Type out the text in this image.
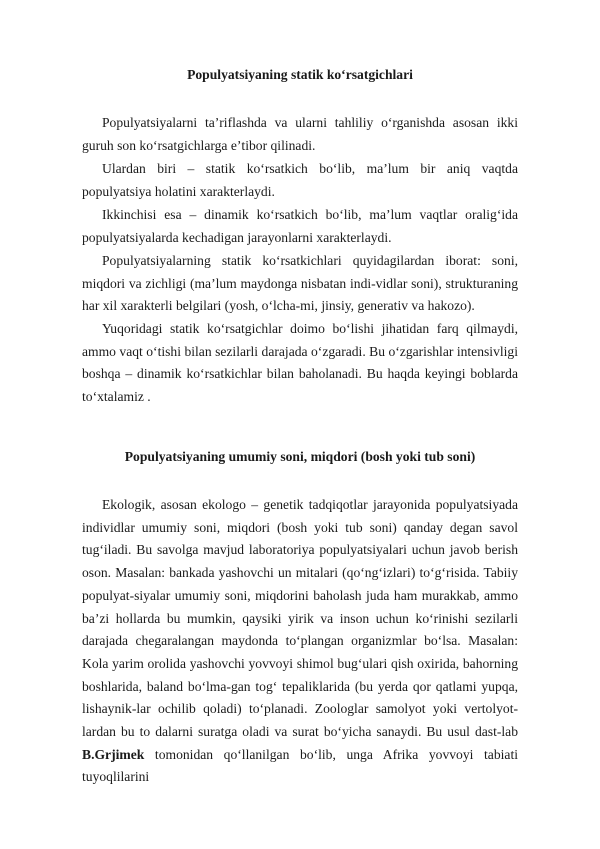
Populyatsiyaning statik koʻrsatgichlari

Populyatsiyalarni taʼriflashda va ularni tahliliy oʻrganishda asosan ikki guruh son koʻrsatgichlarga eʼtibor qilinadi.

Ulardan biri – statik koʻrsatkich boʻlib, maʼlum bir aniq vaqtda populyatsiya holatini xarakterlaydi.

Ikkinchisi esa – dinamik koʻrsatkich boʻlib, maʼlum vaqtlar oraligʻida populyatsiyalarda kechadigan jarayonlarni xarakterlaydi.

Populyatsiyalarning statik koʻrsatkichlari quyidagilardan iborat: soni, miqdori va zichligi (maʼlum maydonga nisbatan indi-vidlar soni), strukturaning har xil xarakterli belgilari (yosh, oʻlcha-mi, jinsiy, generativ va hakozo).

Yuqoridagi statik koʻrsatgichlar doimo boʻlishi jihatidan farq qilmaydi, ammo vaqt oʻtishi bilan sezilarli darajada oʻzgaradi. Bu oʻzgarishlar intensivligi boshqa – dinamik koʻrsatkichlar bilan baholanadi. Bu haqda keyingi boblarda toʻxtalamiz .

Populyatsiyaning umumiy soni, miqdori (bosh yoki tub soni)

Ekologik, asosan ekologo – genetik tadqiqotlar jarayonida populyatsiyada individlar umumiy soni, miqdori (bosh yoki tub soni) qanday degan savol tugʻiladi. Bu savolga mavjud laboratoriya populyatsiyalari uchun javob berish oson. Masalan: bankada yashovchi un mitalari (qoʻngʻizlari) toʻgʻrisida. Tabiiy populyat-siyalar umumiy soni, miqdorini baholash juda ham murakkab, ammo baʼzi hollarda bu mumkin, qaysiki yirik va inson uchun koʻrinishi sezilarli darajada chegaralangan maydonda toʻplangan organizmlar boʻlsa. Masalan: Kola yarim orolida yashovchi yovvoyi shimol bugʻulari qish oxirida, bahorning boshlarida, baland boʻlma-gan togʻ tepaliklarida (bu yerda qor qatlami yupqa, lishaynik-lar ochilib qoladi) toʻplanadi. Zoologlar samolyot yoki vertolyot-lardan bu to dalarni suratga oladi va surat boʻyicha sanaydi. Bu usul dast-lab B.Grjimek tomonidan qoʻllanilgan boʻlib, unga Afrika yovvoyi tabiati tuyoqlilarini
